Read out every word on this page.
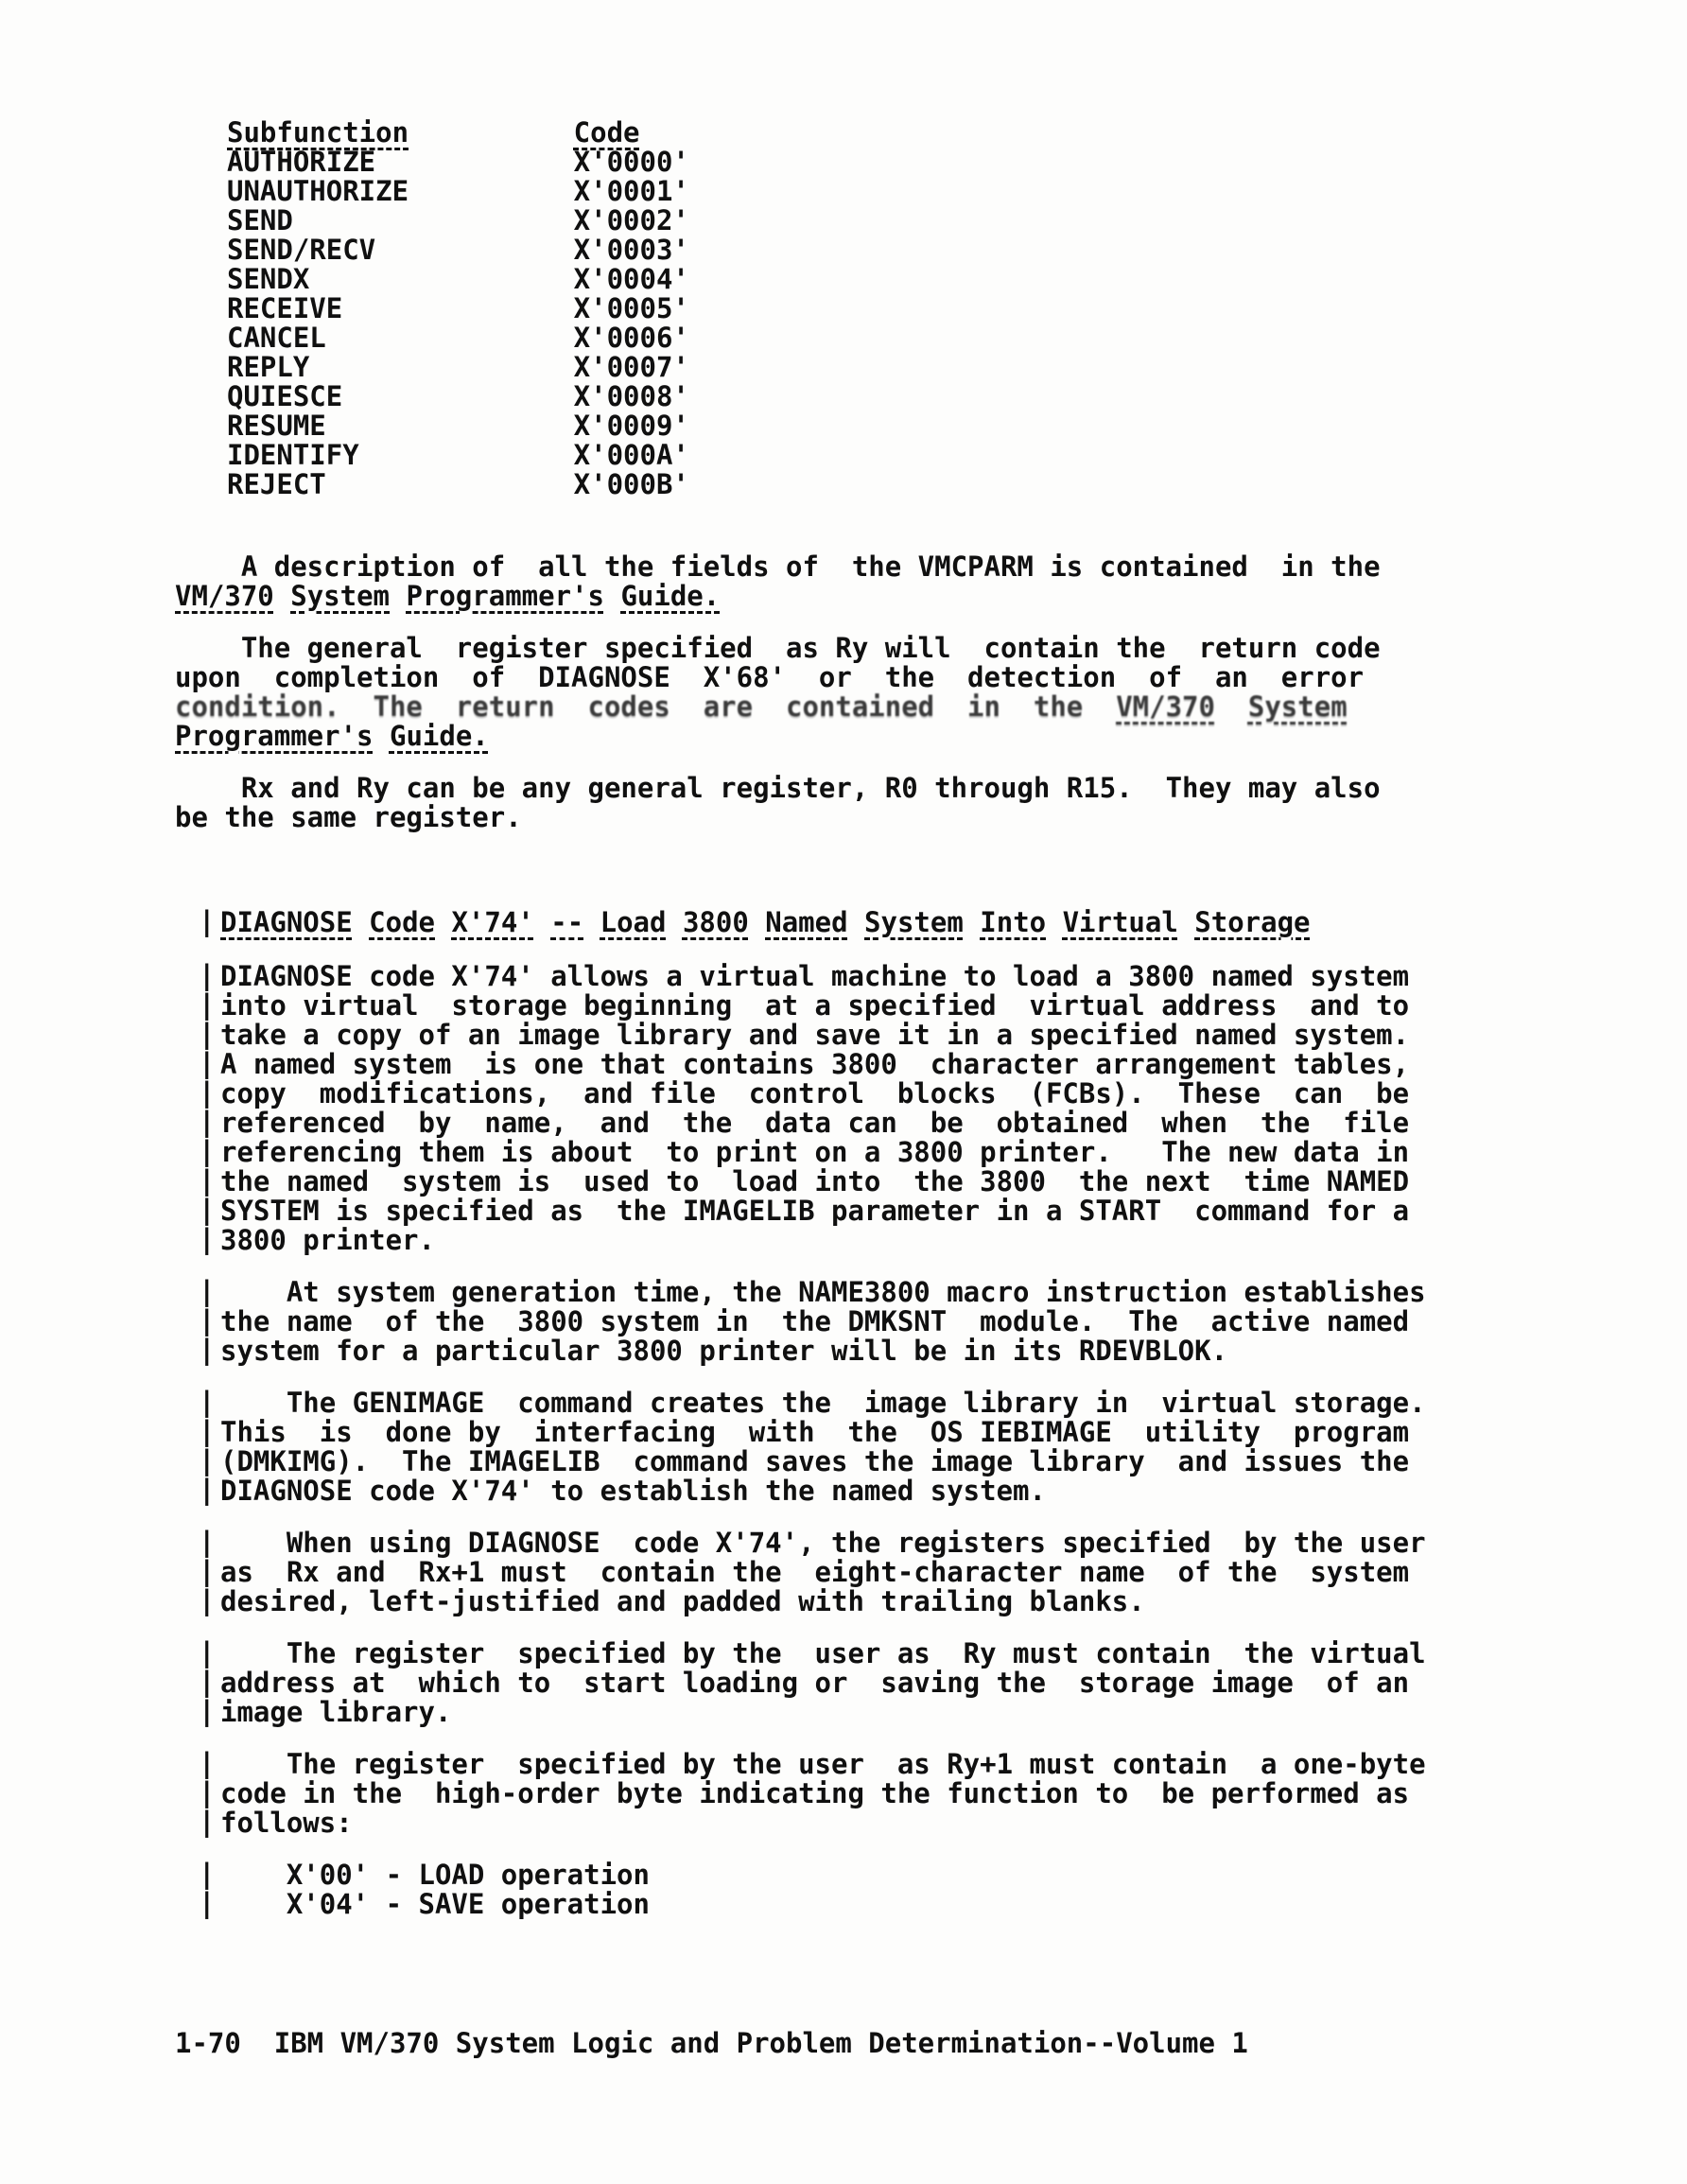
Subfunction	Code
AUTHORIZE            X'0000'
UNAUTHORIZE          X'0001'
SEND                 X'0002'
SEND/RECV            X'0003'
SENDX                X'0004'
RECEIVE              X'0005'
CANCEL               X'0006'
REPLY                X'0007'
QUIESCE              X'0008'
RESUME               X'0009'
IDENTIFY             X'000A'
REJECT               X'000B'
A description of  all the fields of  the VMCPARM is contained  in the
VM/370 System Programmer's Guide.
The general  register specified  as Ry will  contain the  return code
upon  completion  of  DIAGNOSE  X'68'  or  the  detection  of  an  error
condition.  The  return  codes  are  contained  in  the  VM/370 System
Programmer's Guide.
Rx and Ry can be any general register, R0 through R15.  They may also
be the same register.
| DIAGNOSE Code X'74' -- Load 3800 Named System Into Virtual Storage
| DIAGNOSE code X'74' allows a virtual machine to load a 3800 named system
| into virtual  storage beginning  at a specified  virtual address  and to
| take a copy of an image library and save it in a specified named system.
| A named system  is one that contains 3800  character arrangement tables,
| copy  modifications,  and file  control  blocks  (FCBs).  These  can  be
| referenced  by  name,  and  the  data can  be  obtained  when  the  file
| referencing them is about  to print on a 3800 printer.   The new data in
| the named  system is  used to  load into  the 3800  the next  time NAMED
| SYSTEM is specified as  the IMAGELIB parameter in a START  command for a
| 3800 printer.
| At system generation time, the NAME3800 macro instruction establishes
| the name  of the  3800 system in  the DMKSNT  module.  The  active named
| system for a particular 3800 printer will be in its RDEVBLOK.
| The GENIMAGE  command creates the  image library in  virtual storage.
| This  is  done by  interfacing  with  the  OS IEBIMAGE  utility  program
| (DMKIMG).  The IMAGELIB  command saves the image library  and issues the
| DIAGNOSE code X'74' to establish the named system.
| When using DIAGNOSE  code X'74', the registers specified  by the user
| as  Rx and  Rx+1 must  contain the  eight-character name  of the  system
| desired, left-justified and padded with trailing blanks.
| The register  specified by the  user as  Ry must contain  the virtual
| address at  which to  start loading or  saving the  storage image  of an
| image library.
| The register  specified by the user  as Ry+1 must contain  a one-byte
| code in the  high-order byte indicating the function to  be performed as
| follows:
| X'00' - LOAD operation
| X'04' - SAVE operation
1-70  IBM VM/370 System Logic and Problem Determination--Volume 1
